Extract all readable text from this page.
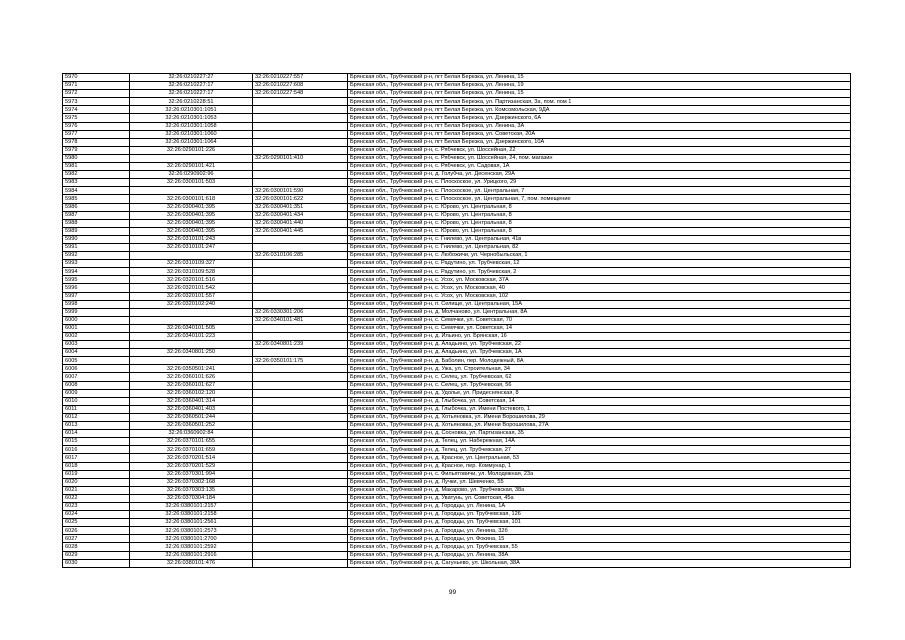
5970	32:26:0210227:27	32:26:0210227:557	Брянская обл., Трубчевский р-н, пгт Белая Березка, ул. Ленина, 15
5971	32:26:0210227:17	32:26:0210227:608	Брянская обл., Трубчевский р-н, пгт Белая Березка, ул. Ленина, 19
5972	32:26:0210227:17	32:26:0210227:548	Брянская обл., Трубчевский р-н, пгт Белая Березка, ул. Ленина, 15
5973	32:26:0210228:51		Брянская обл., Трубчевский р-н, пгт Белая Березка, ул. Партизанская, 3а, пом. пом 1
5974	32:26:0210301:1051		Брянская обл., Трубчевский р-н, пгт Белая Березка, ул. Комсомольская, 9ДА
5975	32:26:0210301:1053		Брянская обл., Трубчевский р-н, пгт Белая Березка, ул. Дзержинского, 6А
5976	32:26:0210301:1058		Брянская обл., Трубчевский р-н, пгт Белая Березка, ул. Ленина, 3А
5977	32:26:0210301:1060		Брянская обл., Трубчевский р-н, пгт Белая Березка, ул. Советская, 20А
5978	32:26:0210301:1064		Брянская обл., Трубчевский р-н, пгт Белая Березка, ул. Дзержинского, 10А
5979	32:26:0290101:226		Брянская обл., Трубчевский р-н, с. Рябчевск, ул. Шоссейная, 22
5980		32:26:0290101:410	Брянская обл., Трубчевский р-н, с. Рябчевск, ул. Шоссейная, 24, пом. магазин
5981	32:26:0290101:421		Брянская обл., Трубчевский р-н, с. Рябчевск, ул. Садовая, 1А
5982	32:26:0290902:96		Брянская обл., Трубчевский р-н, д. Голубча, ул. Десенская, 29А
5983	32:26:0300101:503		Брянская обл., Трубчевский р-н, с. Плоскоскоe, ул. Урицкого, 29
5984		32:26:0300101:590	Брянская обл., Трубчевский р-н, с. Плоскоскоe, ул. Центральная, 7
5985	32:26:0300101:618	32:26:0300101:622	Брянская обл., Трубчевский р-н, с. Плоскоскоe, ул. Центральная, 7, пом. помещение
5986	32:26:0300401:395	32:26:0300401:351	Брянская обл., Трубчевский р-н, с. Юрово, ул. Центральная, 8
5987	32:26:0300401:395	32:26:0300401:434	Брянская обл., Трубчевский р-н, с. Юрово, ул. Центральная, 8
5988	32:26:0300401:395	32:26:0300401:440	Брянская обл., Трубчевский р-н, с. Юрово, ул. Центральная, 8
5989	32:26:0300401:395	32:26:0300401:445	Брянская обл., Трубчевский р-н, с. Юрово, ул. Центральная, 8
5990	32:26:0310101:243		Брянская обл., Трубчевский р-н, с. Гнилево, ул. Центральная, 41в
5991	32:26:0310101:247		Брянская обл., Трубчевский р-н, с. Гнилево, ул. Центральная, 82
5992		32:26:0310106:285	Брянская обл., Трубчевский р-н, с. Любожичи, ул. Чернобыльская, 1
5993	32:26:0310109:327		Брянская обл., Трубчевский р-н, с. Радутино, ул. Трубчевская, 12
5994	32:26:0310109:528		Брянская обл., Трубчевский р-н, с. Радутино, ул. Трубчевская, 2
5995	32:26:0320101:516		Брянская обл., Трубчевский р-н, с. Усох, ул. Московская, 37А
5996	32:26:0320101:542		Брянская обл., Трубчевский р-н, с. Усох, ул. Московская, 40
5997	32:26:0320101:557		Брянская обл., Трубчевский р-н, с. Усох, ул. Московская, 102
5998	32:26:0320102:240		Брянская обл., Трубчевский р-н, п. Селище, ул. Центральная, 15А
5999		32:26:0330301:206	Брянская обл., Трубчевский р-н, д. Молчаново, ул. Центральная, 8А
6000		32:26:0340101:481	Брянская обл., Трубчевский р-н, с. Семячки, ул. Советская, 70
6001	32:26:0340101:505		Брянская обл., Трубчевский р-н, с. Семячки, ул. Советская, 14
6002	32:26:0340101:223		Брянская обл., Трубчевский р-н, д. Ильино, ул. Брянская, 16
6003		32:26:0340801:239	Брянская обл., Трубчевский р-н, д. Аладьино, ул. Трубчевская, 22
6004	32:26:0340801:250		Брянская обл., Трубчевский р-н, д. Аладьино, ул. Трубчевская, 1А
6005		32:26:0350101:175	Брянская обл., Трубчевский р-н, д. Баболин, пер. Молодежный, 8А
6006	32:26:0350501:241		Брянская обл., Трубчевский р-н, д. Ужа, ул. Строительная, 34
6007	32:26:0360101:626		Брянская обл., Трубчевский р-н, с. Селец, ул. Трубчевская, 62
6008	32:26:0360101:627		Брянская обл., Трубчевский р-н, с. Селец, ул. Трубчевская, 56
6009	32:26:0360102:120		Брянская обл., Трубчевский р-н, д. Удолье, ул. Придеснянская, 8
6010	32:26:0360401:314		Брянская обл., Трубчевский р-н, д. Глыбочка, ул. Советская, 14
6011	32:26:0360401:403		Брянская обл., Трубчевский р-н, д. Глыбочка, ул. Имени Постевого, 1
6012	32:26:0360501:244		Брянская обл., Трубчевский р-н, д. Хотьяновка, ул. Имени Ворошилова, 29
6013	32:26:0360501:252		Брянская обл., Трубчевский р-н, д. Хотьяновка, ул. Имени Ворошилова, 27А
6014	32:26:0360902:84		Брянская обл., Трубчевский р-н, д. Сосновка, ул. Партизанская, 35
6015	32:26:0370101:655		Брянская обл., Трубчевский р-н, д. Телец, ул. Набережная, 14А
6016	32:26:0370101:659		Брянская обл., Трубчевский р-н, д. Телец, ул. Трубчевская, 27
6017	32:26:0370201:514		Брянская обл., Трубчевский р-н, д. Красное, ул. Центральная, 53
6018	32:26:0370201:529		Брянская обл., Трубчевский р-н, д. Красное, пер. Коммунар, 1
6019	32:26:0370301:994		Брянская обл., Трубчевский р-н, с. Фильятовичи, ул. Молодежная, 23а
6020	32:26:0370302:168		Брянская обл., Трубчевский р-н, д. Лучки, ул. Шевченко, 55
6021	32:26:0370303:135		Брянская обл., Трубчевский р-н, д. Макарово, ул. Трубчевская, 38а
6022	32:26:0370304:184		Брянская обл., Трубчевский р-н, д. Уватунь, ул. Советская, 45а
6023	32:26:0380101:2157		Брянская обл., Трубчевский р-н, д. Городцы, ул. Ленина, 1А
6024	32:26:0380101:2158		Брянская обл., Трубчевский р-н, д. Городцы, ул. Трубчевская, 126
6025	32:26:0380101:2561		Брянская обл., Трубчевский р-н, д. Городцы, ул. Трубчевская, 101
6026	32:26:0380101:2573		Брянская обл., Трубчевский р-н, д. Городцы, ул. Ленина, 32б
6027	32:26:0380101:2700		Брянская обл., Трубчевский р-н, д. Городцы, ул. Фокина, 15
6028	32:26:0380101:2592		Брянская обл., Трубчевский р-н, д. Городцы, ул. Трубчевская, 55
6029	32:26:0380101:2916		Брянская обл., Трубчевский р-н, д. Городцы, ул. Ленина, 38А
6030	32:26:0380101:476		Брянская обл., Трубчевский р-н, д. Сагуньево, ул. Школьная, 38А
99
